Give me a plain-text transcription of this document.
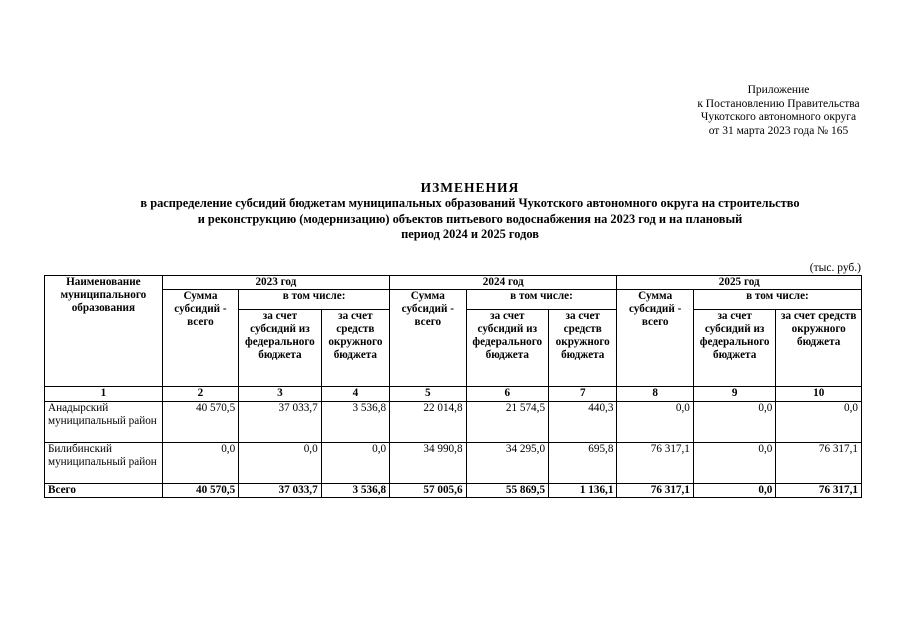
Приложение
к Постановлению Правительства
Чукотского автономного округа
от 31 марта 2023 года № 165
ИЗМЕНЕНИЯ
в распределение субсидий бюджетам муниципальных образований Чукотского автономного округа на строительство
и реконструкцию (модернизацию) объектов питьевого водоснабжения на 2023 год и на плановый
период 2024 и 2025 годов
(тыс. руб.)
Наименование муниципального образования	2023 год			2024 год			2025 год		
	Сумма субсидий - всего	в том числе:		Сумма субсидий - всего	в том числе:		Сумма субсидий - всего	в том числе:	
		за счет субсидий из федерального бюджета	за счет средств окружного бюджета		за счет субсидий из федерального бюджета	за счет средств окружного бюджета		за счет субсидий из федерального бюджета	за счет средств окружного бюджета
1	2	3	4	5	6	7	8	9	10
Анадырский муниципальный район	40 570,5	37 033,7	3 536,8	22 014,8	21 574,5	440,3	0,0	0,0	0,0
Билибинский муниципальный район	0,0	0,0	0,0	34 990,8	34 295,0	695,8	76 317,1	0,0	76 317,1
Всего	40 570,5	37 033,7	3 536,8	57 005,6	55 869,5	1 136,1	76 317,1	0,0	76 317,1
